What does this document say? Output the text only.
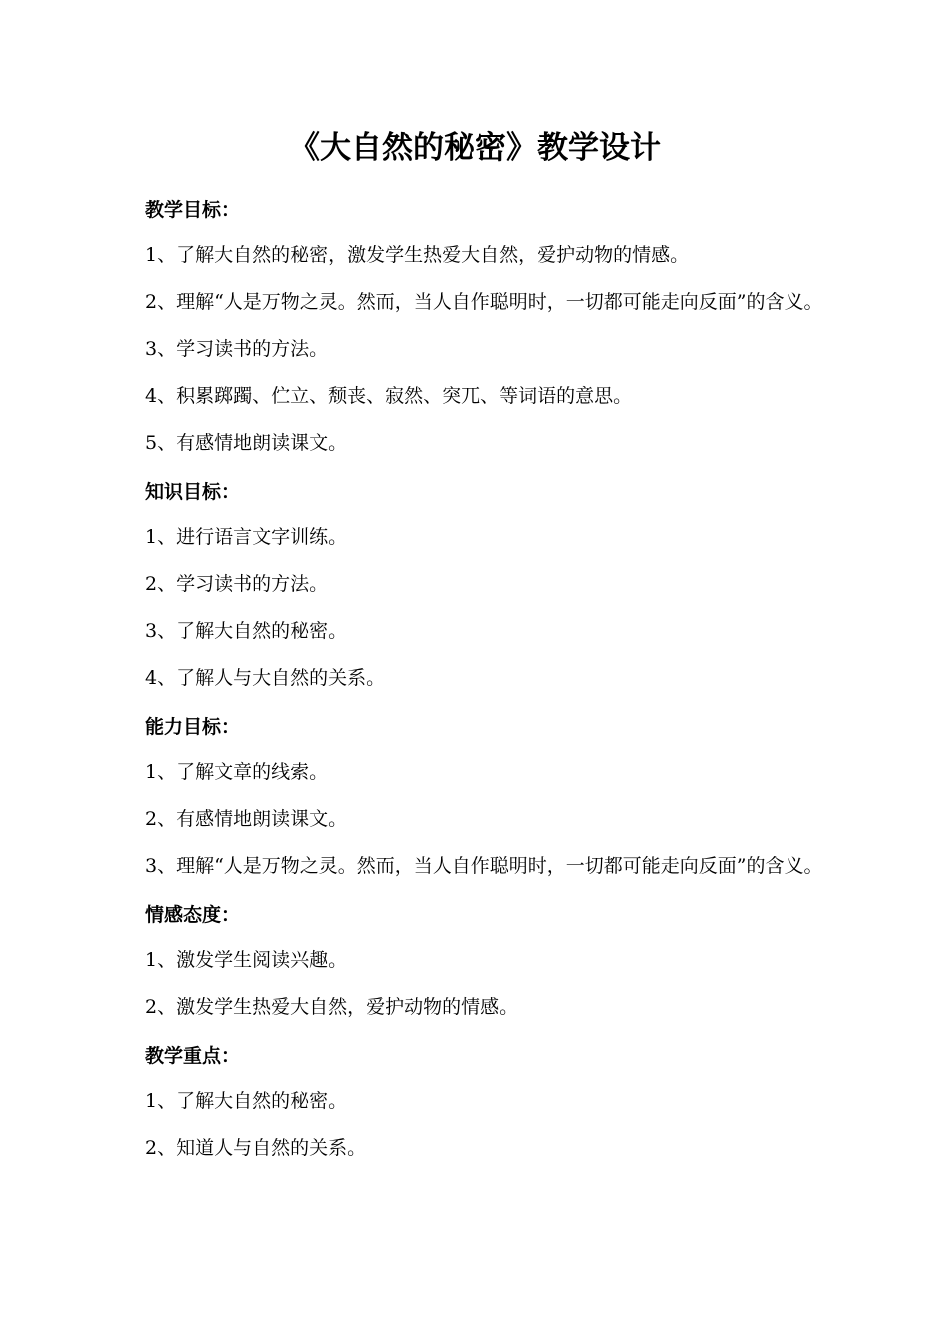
《大自然的秘密》教学设计
教学目标：

1、了解大自然的秘密，激发学生热爱大自然，爱护动物的情感。

2、理解“人是万物之灵。然而，当人自作聪明时，一切都可能走向反面”的含义。

3、学习读书的方法。

4、积累踯躅、伫立、颓丧、寂然、突兀、等词语的意思。

5、有感情地朗读课文。

知识目标：

1、进行语言文字训练。

2、学习读书的方法。

3、了解大自然的秘密。

4、了解人与大自然的关系。

能力目标：

1、了解文章的线索。

2、有感情地朗读课文。

3、理解“人是万物之灵。然而，当人自作聪明时，一切都可能走向反面”的含义。

情感态度：

1、激发学生阅读兴趣。

2、激发学生热爱大自然，爱护动物的情感。

教学重点：

1、了解大自然的秘密。

2、知道人与自然的关系。
